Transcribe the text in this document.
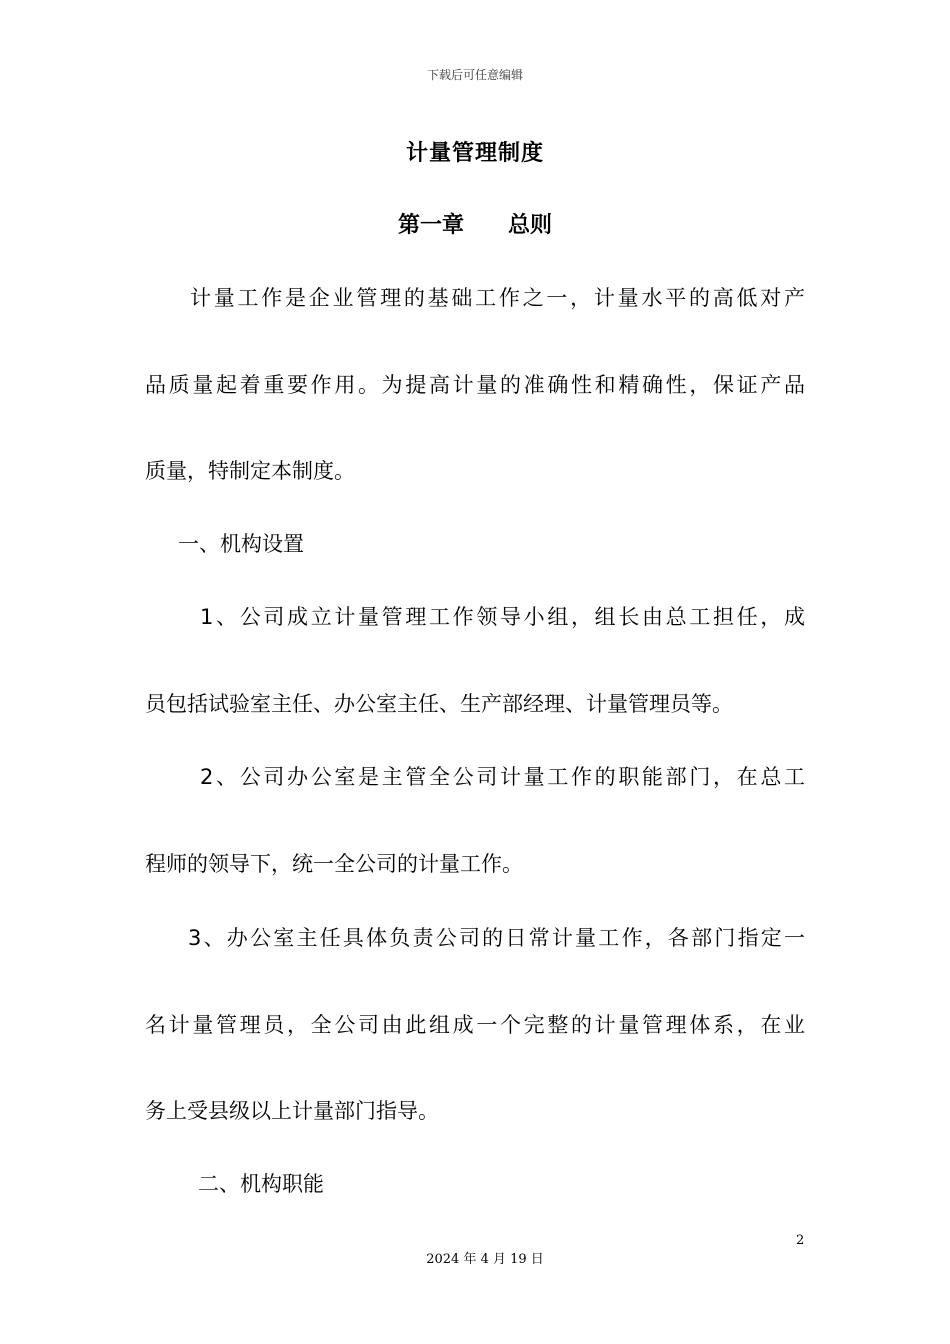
下载后可任意编辑
计量管理制度
第一章 总则
计量工作是企业管理的基础工作之一，计量水平的高低对产
品质量起着重要作用。为提高计量的准确性和精确性，保证产品
质量，特制定本制度。
一、机构设置
1、公司成立计量管理工作领导小组，组长由总工担任，成
员包括试验室主任、办公室主任、生产部经理、计量管理员等。
2、公司办公室是主管全公司计量工作的职能部门，在总工
程师的领导下，统一全公司的计量工作。
3、办公室主任具体负责公司的日常计量工作，各部门指定一
名计量管理员，全公司由此组成一个完整的计量管理体系，在业
务上受县级以上计量部门指导。
二、机构职能
2
2024 年 4 月 19 日
